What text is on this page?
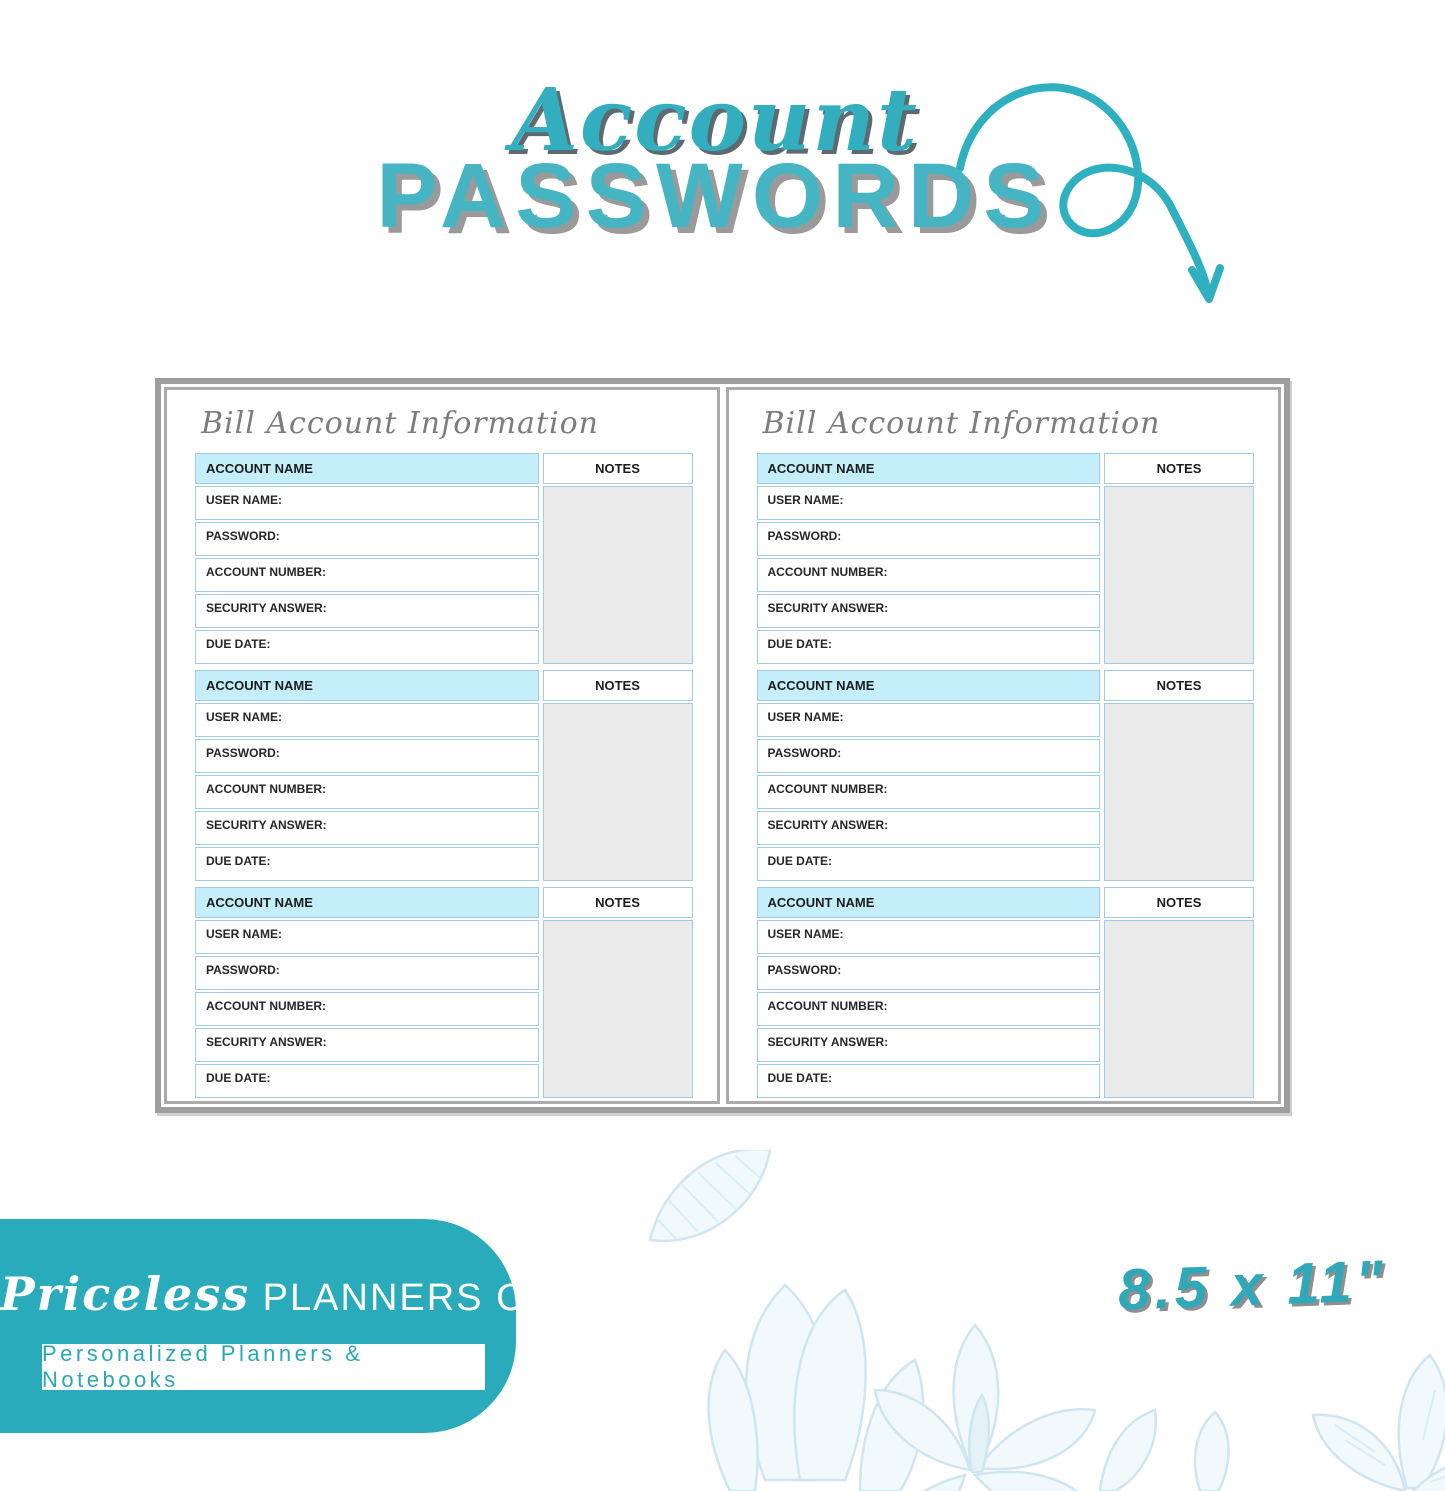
Account
PASSWORDS
Bill Account Information
ACCOUNT NAME
USER NAME:
PASSWORD:
ACCOUNT NUMBER:
SECURITY ANSWER:
DUE DATE:
NOTES
ACCOUNT NAME
USER NAME:
PASSWORD:
ACCOUNT NUMBER:
SECURITY ANSWER:
DUE DATE:
NOTES
ACCOUNT NAME
USER NAME:
PASSWORD:
ACCOUNT NUMBER:
SECURITY ANSWER:
DUE DATE:
NOTES
Bill Account Information
ACCOUNT NAME
USER NAME:
PASSWORD:
ACCOUNT NUMBER:
SECURITY ANSWER:
DUE DATE:
NOTES
ACCOUNT NAME
USER NAME:
PASSWORD:
ACCOUNT NUMBER:
SECURITY ANSWER:
DUE DATE:
NOTES
ACCOUNT NAME
USER NAME:
PASSWORD:
ACCOUNT NUMBER:
SECURITY ANSWER:
DUE DATE:
NOTES
Priceless PLANNERS Co.
Personalized Planners & Notebooks
8.5 x 11"
